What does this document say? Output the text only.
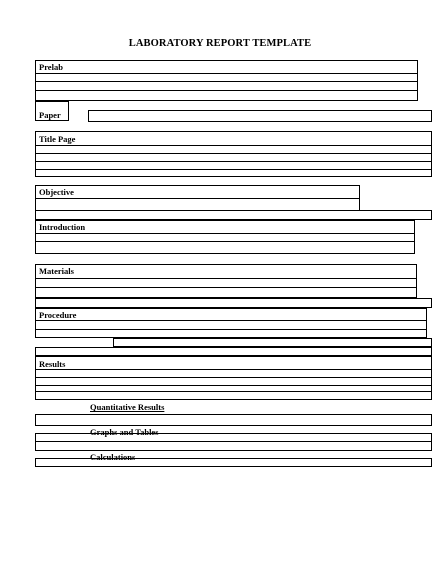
LABORATORY REPORT TEMPLATE
Prelab
Paper
Title Page
Objective
Introduction
Materials
Procedure
Results
Quantitative Results
Graphs and Tables
Calculations
